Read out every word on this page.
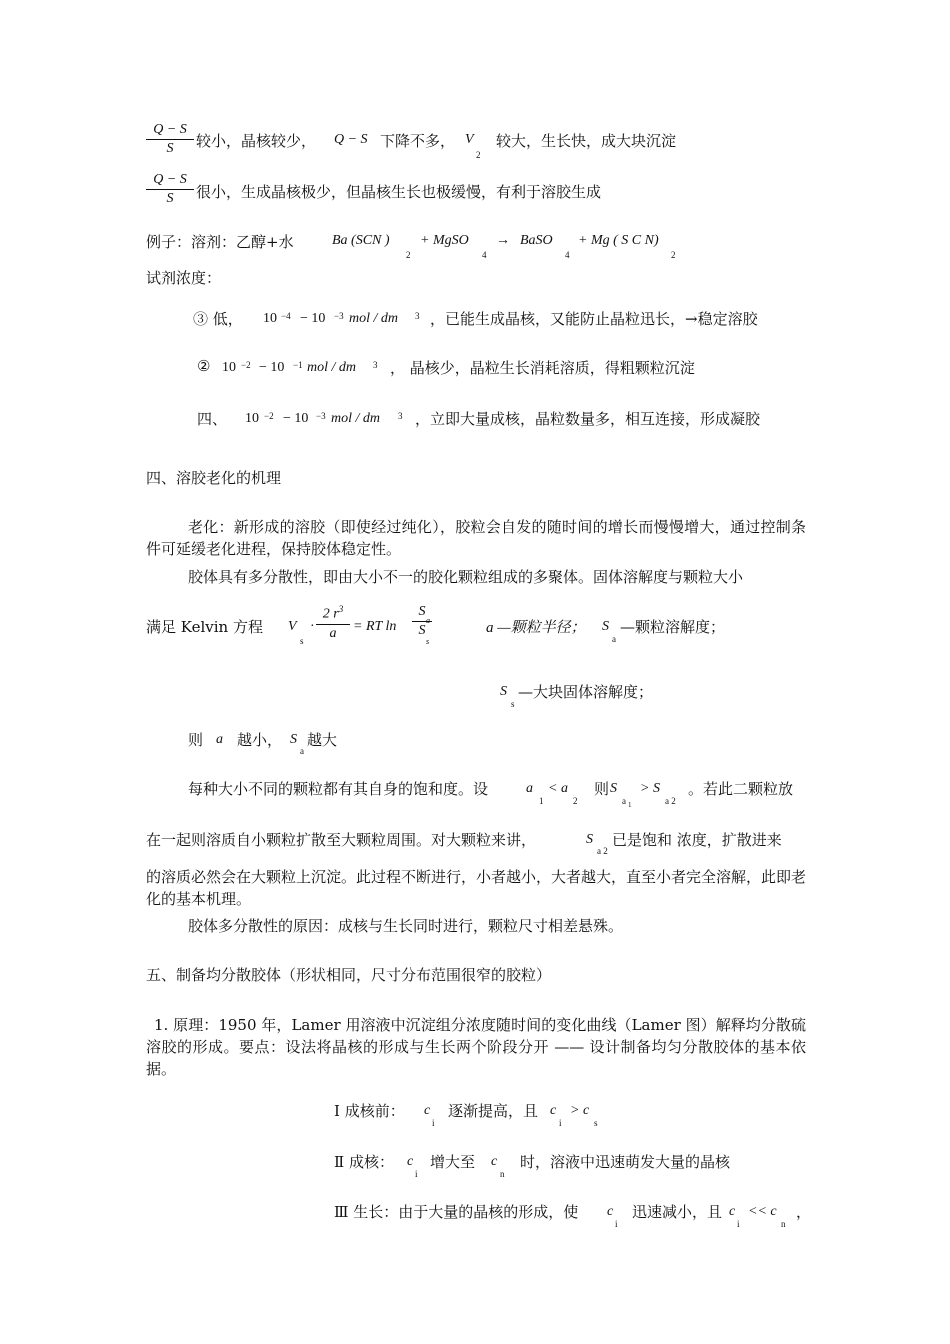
Q − S
S	较小，晶核较少， Q − S 下降不多， V
2
较大，生长快，成大块沉淀
Q − S
S	很小，生成晶核极少，但晶核生长也极缓慢，有利于溶胶生成
例子：溶剂：乙醇+水	Ba (SCN )
2
+ MgSO
4
→ BaSO
4
+ Mg ( S C N)
2
试剂浓度：
③ 低， 10 −4 − 10 −3 mol / dm 3 ，已能生成晶核，又能防止晶粒迅长，→稳定溶胶
② 10 −2 − 10 −1 mol / dm 3 ， 晶核少，晶粒生长消耗溶质，得粗颗粒沉淀
四、 10 −2 − 10 −3 mol / dm 3 ，立即大量成核，晶粒数量多，相互连接，形成凝胶
四、溶胶老化的机理
老化：新形成的溶胶（即使经过纯化），胶粒会自发的随时间的增长而慢慢增大，通过控制条件可延缓老化进程，保持胶体稳定性。
胶体具有多分散性，即由大小不一的胶化颗粒组成的多聚体。固体溶解度与颗粒大小
满足 Kelvin 方程 V
s
·
2 $r^3$
a	= RT ln
S
a
S
s
a —颗粒半径； S
a
—颗粒溶解度；
S
s
—大块固体溶解度；
则 a 越小， S
a
越大
每种大小不同的颗粒都有其自身的饱和度。设	a
1
< a
2
则 S
a 1
> S
a 2
。若此二颗粒放
在一起则溶质自小颗粒扩散至大颗粒周围。对大颗粒来讲，	S
a 2
已是饱和 浓度，扩散进来
的溶质必然会在大颗粒上沉淀。此过程不断进行，小者越小，大者越大，直至小者完全溶解，此即老化的基本机理。
胶体多分散性的原因：成核与生长同时进行，颗粒尺寸相差悬殊。
五、制备均分散胶体（形状相同，尺寸分布范围很窄的胶粒）
1. 原理：1950 年，Lamer 用溶液中沉淀组分浓度随时间的变化曲线（Lamer 图）解释均分散硫溶胶的形成。要点：设法将晶核的形成与生长两个阶段分开 —— 设计制备均匀分散胶体的基本依据。
Ⅰ 成核前： c
i
逐渐提高，且 c
i
> c
s
Ⅱ 成核： c
i
增大至 c
n
时，溶液中迅速萌发大量的晶核
Ⅲ 生长：由于大量的晶核的形成，使 c
i
迅速减小，且 c
i
<< c
n
，
